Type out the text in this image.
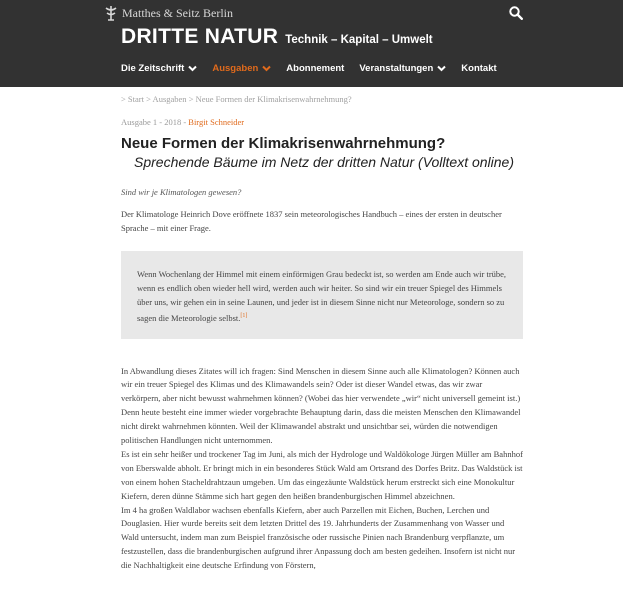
Matthes & Seitz Berlin
DRITTE NATUR Technik – Kapital – Umwelt
Die Zeitschrift	Ausgaben	Abonnement Veranstaltungen	Kontakt
> Start > Ausgaben > Neue Formen der Klimakrisenwahrnehmung?
Ausgabe 1 - 2018 - Birgit Schneider
Neue Formen der Klimakrisenwahrnehmung?
Sprechende Bäume im Netz der dritten Natur (Volltext online)
Sind wir je Klimatologen gewesen?
Der Klimatologe Heinrich Dove eröffnete 1837 sein meteorologisches Handbuch – eines der ersten in deutscher Sprache – mit einer Frage.
Wenn Wochenlang der Himmel mit einem einförmigen Grau bedeckt ist, so werden am Ende auch wir trübe, wenn es endlich oben wieder hell wird, werden auch wir heiter. So sind wir ein treuer Spiegel des Himmels über uns, wir gehen ein in seine Launen, und jeder ist in diesem Sinne nicht nur Meteorologe, sondern so zu sagen die Meteorologie selbst.[1]

In Abwandlung dieses Zitates will ich fragen: Sind Menschen in diesem Sinne auch alle Klimatologen? Können auch wir ein treuer Spiegel des Klimas und des Klimawandels sein? Oder ist dieser Wandel etwas, das wir zwar verkörpern, aber nicht bewusst wahrnehmen können? (Wobei das hier verwendete „wir“ nicht universell gemeint ist.) Denn heute besteht eine immer wieder vorgebrachte Behauptung darin, dass die meisten Menschen den Klimawandel nicht direkt wahrnehmen könnten. Weil der Klimawandel abstrakt und unsichtbar sei, würden die notwendigen politischen Handlungen nicht unternommen.

Es ist ein sehr heißer und trockener Tag im Juni, als mich der Hydrologe und Waldökologe Jürgen Müller am Bahnhof von Eberswalde abholt. Er bringt mich in ein besonderes Stück Wald am Ortsrand des Dorfes Britz. Das Waldstück ist von einem hohen Stacheldrahtzaun umgeben. Um das eingezäunte Waldstück herum erstreckt sich eine Monokultur Kiefern, deren dünne Stämme sich hart gegen den heißen brandenburgischen Himmel abzeichnen.

Im 4 ha großen Waldlabor wachsen ebenfalls Kiefern, aber auch Parzellen mit Eichen, Buchen, Lerchen und Douglasien. Hier wurde bereits seit dem letzten Drittel des 19. Jahrhunderts der Zusammenhang von Wasser und Wald untersucht, indem man zum Beispiel französische oder russische Pinien nach Brandenburg verpflanzte, um festzustellen, dass die brandenburgischen aufgrund ihrer Anpassung doch am besten gedeihen. Insofern ist nicht nur die Nachhaltigkeit eine deutsche Erfindung von Förstern,
